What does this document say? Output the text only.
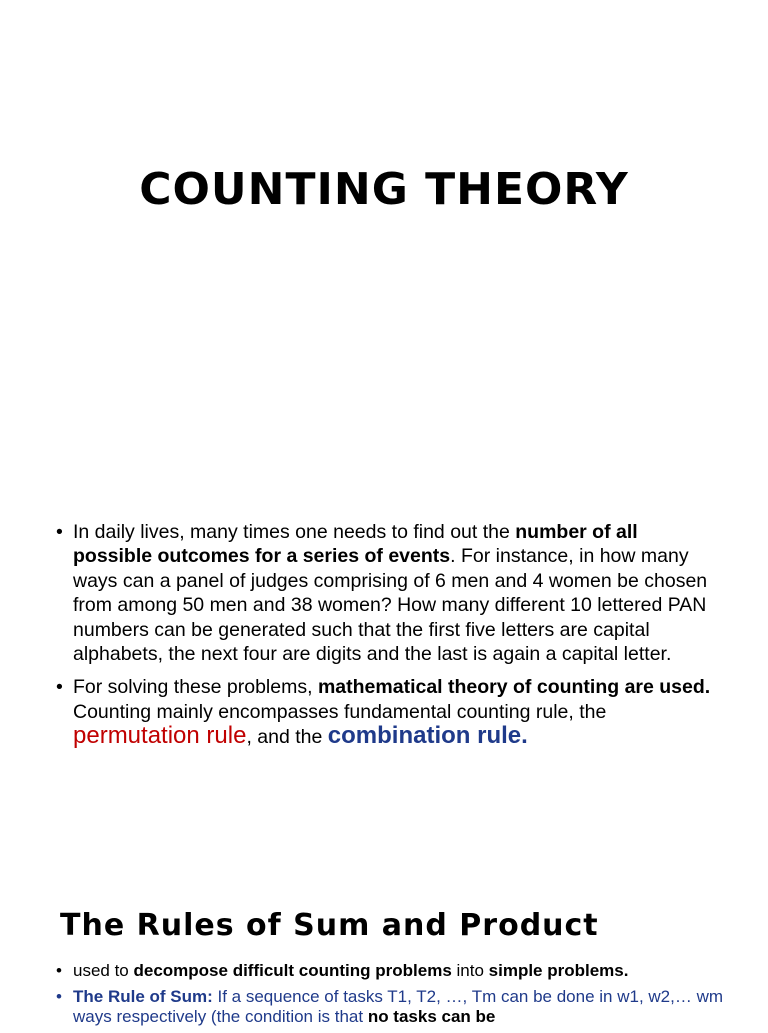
COUNTING THEORY
• In daily lives, many times one needs to find out the number of all possible outcomes for a series of events. For instance, in how many ways can a panel of judges comprising of 6 men and 4 women be chosen from among 50 men and 38 women? How many different 10 lettered PAN numbers can be generated such that the first five letters are capital alphabets, the next four are digits and the last is again a capital letter.
• For solving these problems, mathematical theory of counting are used. Counting mainly encompasses fundamental counting rule, the permutation rule, and the combination rule.
The Rules of Sum and Product
• used to decompose difficult counting problems into simple problems.
• The Rule of Sum: If a sequence of tasks T1, T2, …, Tm can be done in w1, w2,… wm ways respectively (the condition is that no tasks can be
